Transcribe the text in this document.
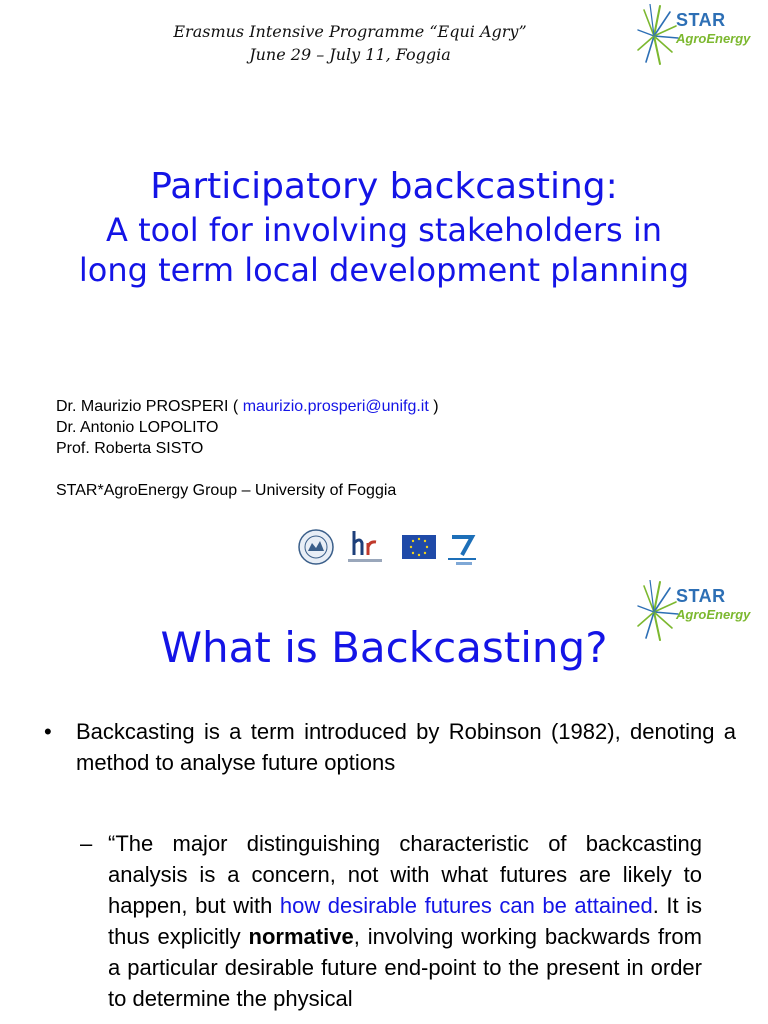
Erasmus Intensive Programme “Equi Agry”
June 29 – July 11, Foggia
STAR
AgroEnergy
Participatory backcasting:
A tool for involving stakeholders in
long term local development planning
Dr. Maurizio PROSPERI ( maurizio.prosperi@unifg.it )
Dr. Antonio LOPOLITO
Prof. Roberta SISTO
STAR*AgroEnergy Group – University of Foggia
STAR
AgroEnergy
What is Backcasting?
• Backcasting is a term introduced by Robinson (1982), denoting a method to analyse future options
– “The major distinguishing characteristic of backcasting analysis is a concern, not with what futures are likely to happen, but with how desirable futures can be attained. It is thus explicitly normative, involving working backwards from a particular desirable future end-point to the present in order to determine the physical
